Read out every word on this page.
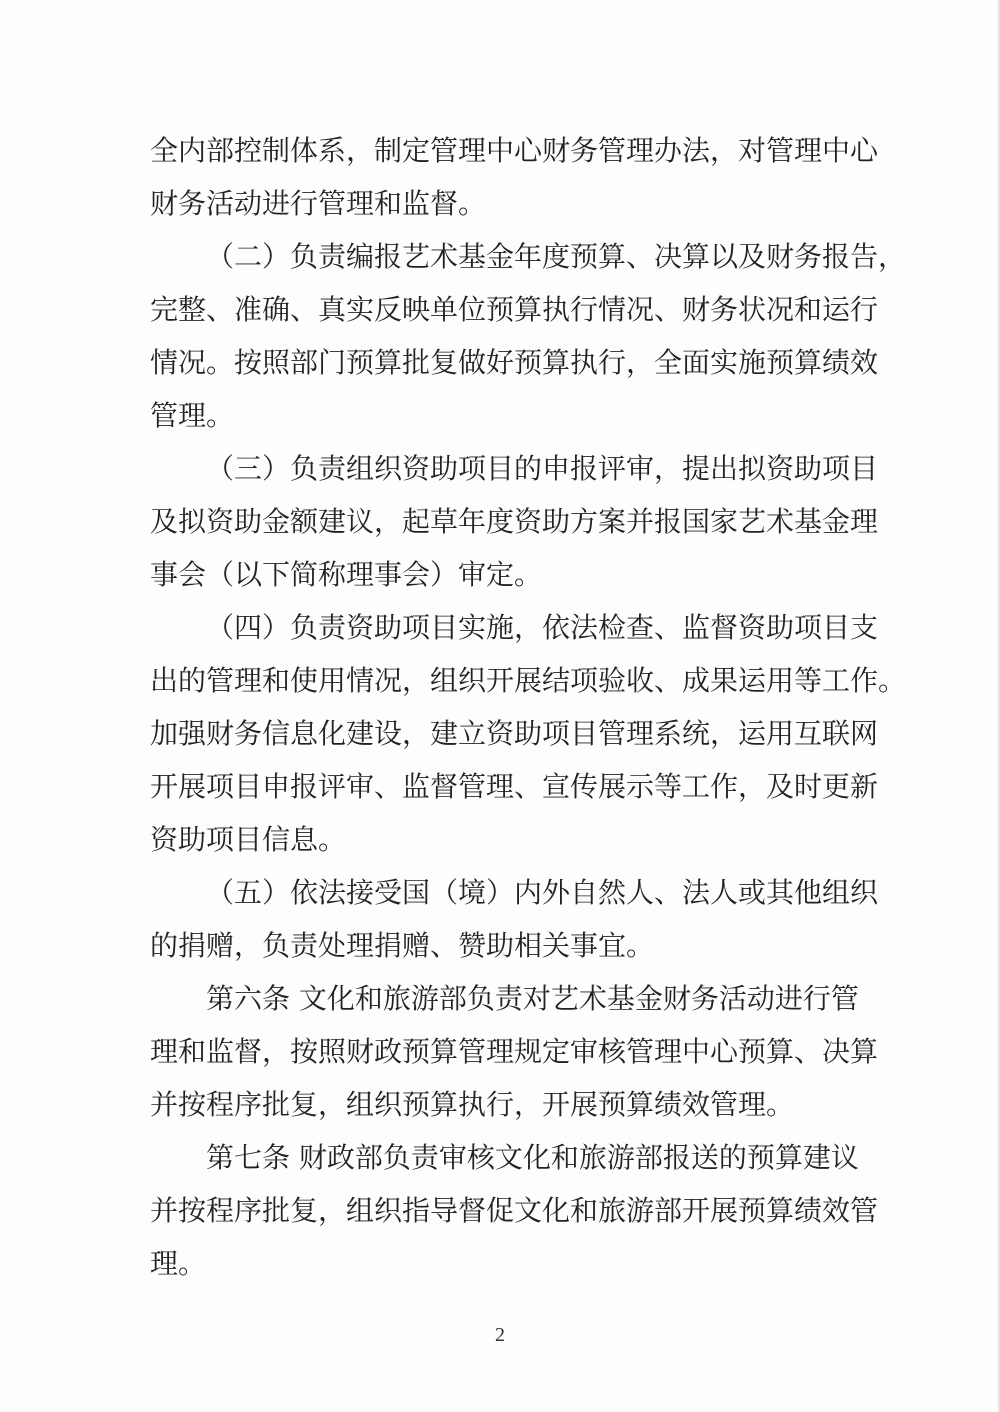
全内部控制体系，制定管理中心财务管理办法，对管理中心
财务活动进行管理和监督。
（二）负责编报艺术基金年度预算、决算以及财务报告，
完整、准确、真实反映单位预算执行情况、财务状况和运行
情况。按照部门预算批复做好预算执行，全面实施预算绩效
管理。
（三）负责组织资助项目的申报评审，提出拟资助项目
及拟资助金额建议，起草年度资助方案并报国家艺术基金理
事会（以下简称理事会）审定。
（四）负责资助项目实施，依法检查、监督资助项目支
出的管理和使用情况，组织开展结项验收、成果运用等工作。
加强财务信息化建设，建立资助项目管理系统，运用互联网
开展项目申报评审、监督管理、宣传展示等工作，及时更新
资助项目信息。
（五）依法接受国（境）内外自然人、法人或其他组织
的捐赠，负责处理捐赠、赞助相关事宜。
第六条 文化和旅游部负责对艺术基金财务活动进行管
理和监督，按照财政预算管理规定审核管理中心预算、决算
并按程序批复，组织预算执行，开展预算绩效管理。
第七条 财政部负责审核文化和旅游部报送的预算建议
并按程序批复，组织指导督促文化和旅游部开展预算绩效管
理。
2
